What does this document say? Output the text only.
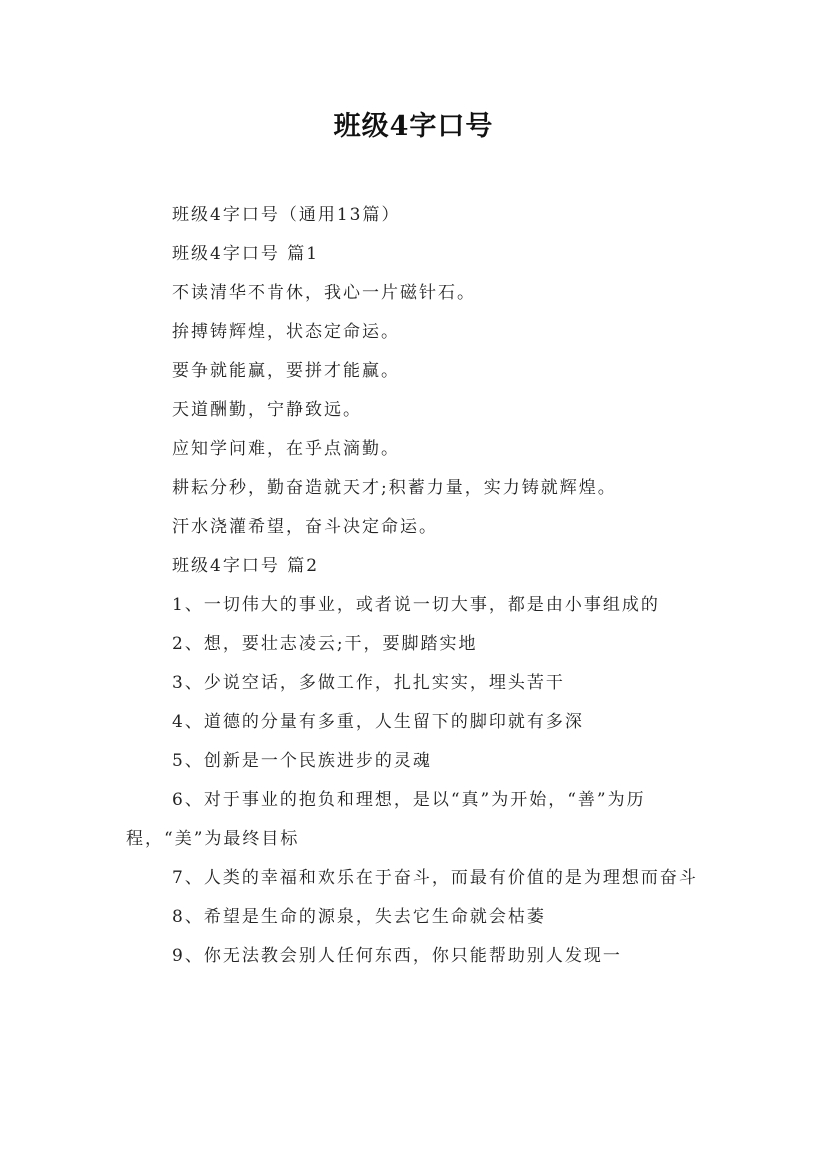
班级4字口号

班级4字口号（通用13篇）

班级4字口号 篇1

不读清华不肯休，我心一片磁针石。

拚搏铸辉煌，状态定命运。

要争就能赢，要拼才能赢。

天道酬勤，宁静致远。

应知学问难，在乎点滴勤。

耕耘分秒，勤奋造就天才;积蓄力量，实力铸就辉煌。

汗水浇灌希望，奋斗决定命运。

班级4字口号 篇2

1、一切伟大的事业，或者说一切大事，都是由小事组成的

2、想，要壮志凌云;干，要脚踏实地

3、少说空话，多做工作，扎扎实实，埋头苦干

4、道德的分量有多重，人生留下的脚印就有多深

5、创新是一个民族进步的灵魂

6、对于事业的抱负和理想，是以“真”为开始，“善”为历程，“美”为最终目标

7、人类的幸福和欢乐在于奋斗，而最有价值的是为理想而奋斗

8、希望是生命的源泉，失去它生命就会枯萎

9、你无法教会别人任何东西，你只能帮助别人发现一
